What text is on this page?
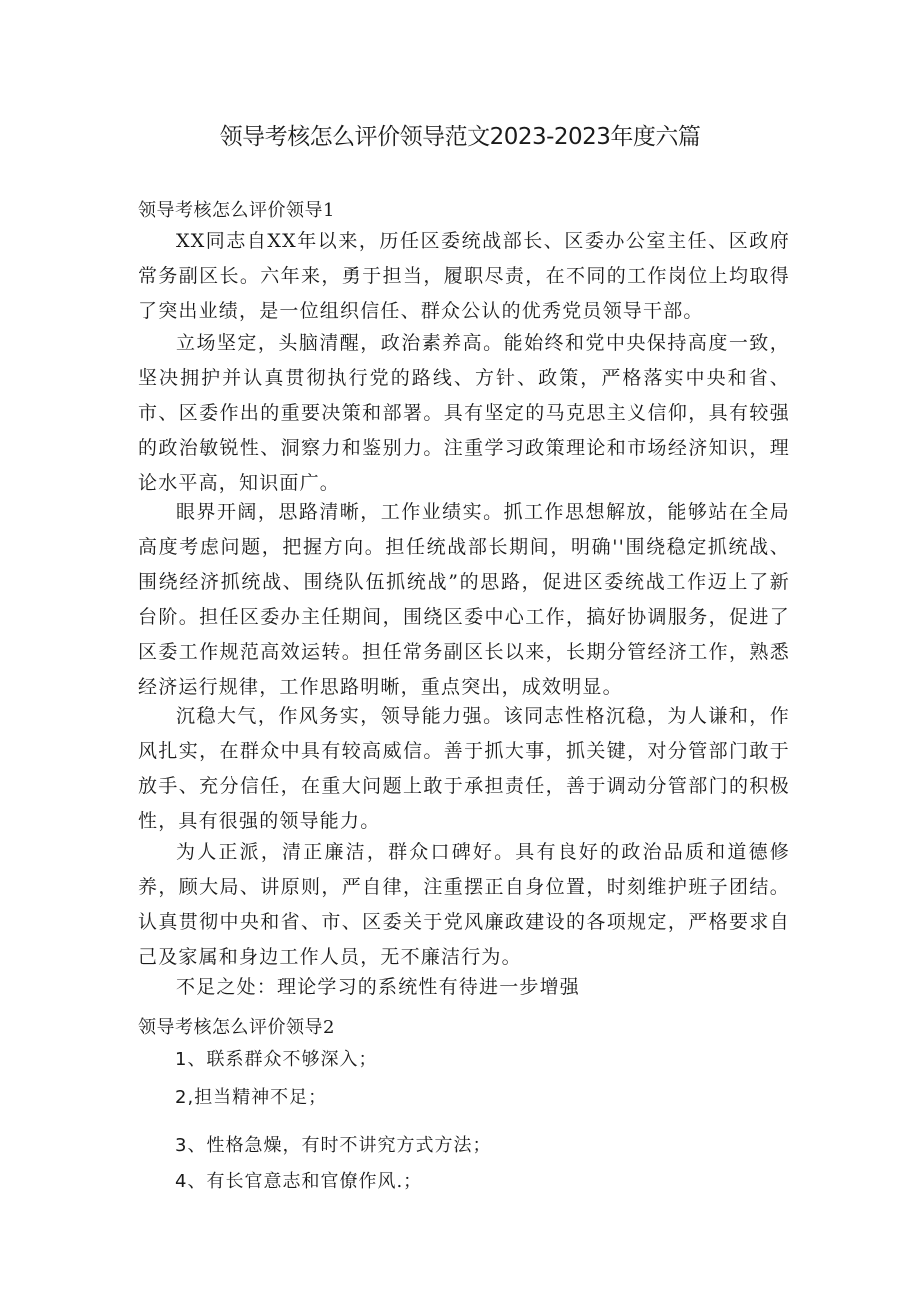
领导考核怎么评价领导范文2023-2023年度六篇
领导考核怎么评价领导1

XX同志自XX年以来，历任区委统战部长、区委办公室主任、区政府常务副区长。六年来，勇于担当，履职尽责，在不同的工作岗位上均取得了突出业绩，是一位组织信任、群众公认的优秀党员领导干部。

立场坚定，头脑清醒，政治素养高。能始终和党中央保持高度一致，坚决拥护并认真贯彻执行党的路线、方针、政策，严格落实中央和省、市、区委作出的重要决策和部署。具有坚定的马克思主义信仰，具有较强的政治敏锐性、洞察力和鉴别力。注重学习政策理论和市场经济知识，理论水平高，知识面广。

眼界开阔，思路清晰，工作业绩实。抓工作思想解放，能够站在全局高度考虑问题，把握方向。担任统战部长期间，明确''围绕稳定抓统战、围绕经济抓统战、围绕队伍抓统战”的思路，促进区委统战工作迈上了新台阶。担任区委办主任期间，围绕区委中心工作，搞好协调服务，促进了区委工作规范高效运转。担任常务副区长以来，长期分管经济工作，熟悉经济运行规律，工作思路明晰，重点突出，成效明显。

沉稳大气，作风务实，领导能力强。该同志性格沉稳，为人谦和，作风扎实，在群众中具有较高威信。善于抓大事，抓关键，对分管部门敢于放手、充分信任，在重大问题上敢于承担责任，善于调动分管部门的积极性，具有很强的领导能力。

为人正派，清正廉洁，群众口碑好。具有良好的政治品质和道德修养，顾大局、讲原则，严自律，注重摆正自身位置，时刻维护班子团结。认真贯彻中央和省、市、区委关于党风廉政建设的各项规定，严格要求自己及家属和身边工作人员，无不廉洁行为。

不足之处：理论学习的系统性有待进一步增强

领导考核怎么评价领导2
1、联系群众不够深入；
2,担当精神不足；
3、性格急燥，有时不讲究方式方法；
4、有长官意志和官僚作风.；
